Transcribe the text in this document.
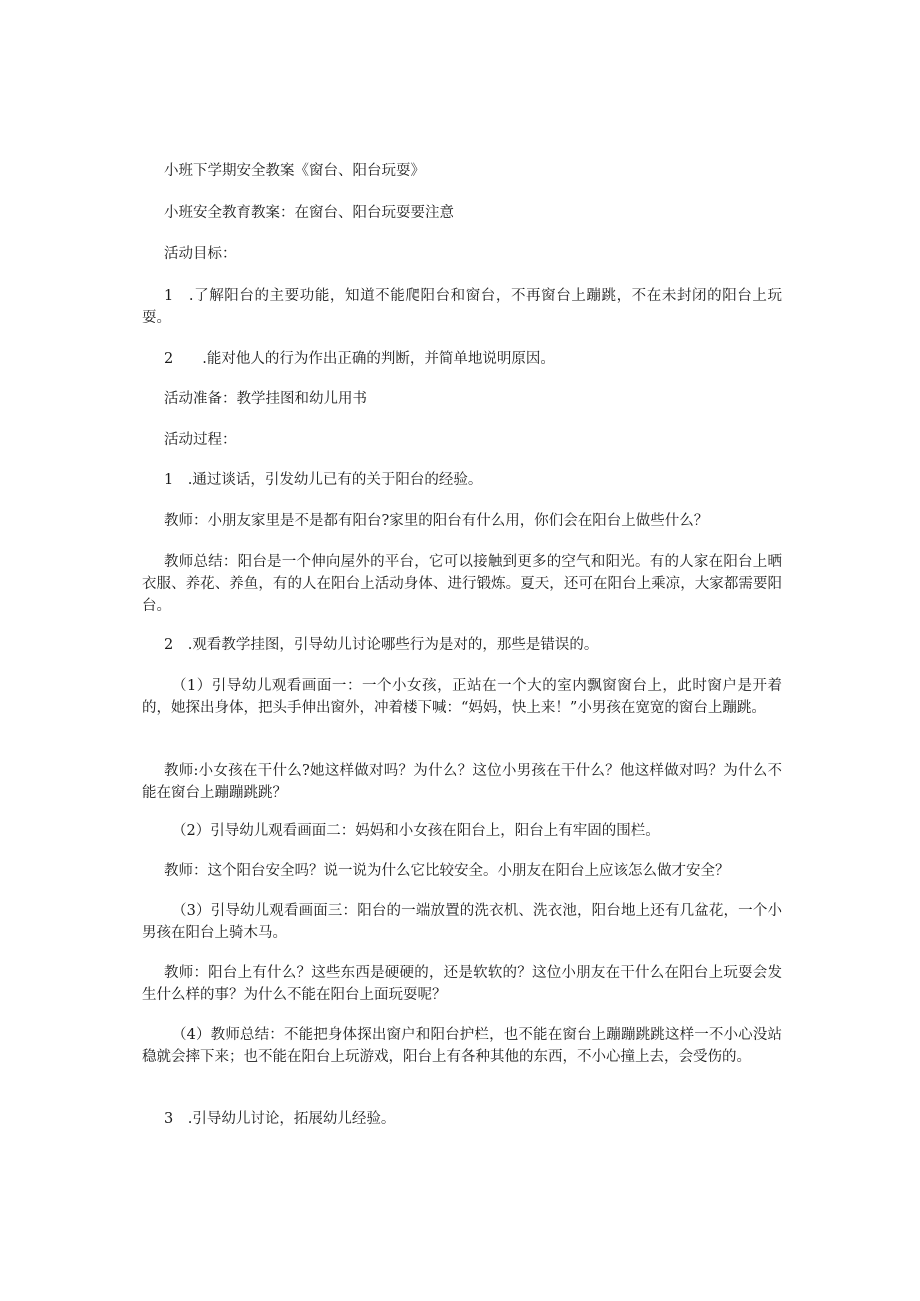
小班下学期安全教案《窗台、阳台玩耍》

小班安全教育教案：在窗台、阳台玩耍要注意

活动目标：

1　.了解阳台的主要功能，知道不能爬阳台和窗台，不再窗台上蹦跳，不在未封闭的阳台上玩耍。

2　　.能对他人的行为作出正确的判断，并简单地说明原因。

活动准备：教学挂图和幼儿用书

活动过程：

1　.通过谈话，引发幼儿已有的关于阳台的经验。

教师：小朋友家里是不是都有阳台?家里的阳台有什么用，你们会在阳台上做些什么？

教师总结：阳台是一个伸向屋外的平台，它可以接触到更多的空气和阳光。有的人家在阳台上晒衣服、养花、养鱼，有的人在阳台上活动身体、进行锻炼。夏天，还可在阳台上乘凉，大家都需要阳台。

2　.观看教学挂图，引导幼儿讨论哪些行为是对的，那些是错误的。

（1）引导幼儿观看画面一：一个小女孩，正站在一个大的室内飘窗窗台上，此时窗户是开着的，她探出身体，把头手伸出窗外，冲着楼下喊：“妈妈，快上来！”小男孩在宽宽的窗台上蹦跳。

教师:小女孩在干什么?她这样做对吗？为什么？这位小男孩在干什么？他这样做对吗？为什么不能在窗台上蹦蹦跳跳？

（2）引导幼儿观看画面二：妈妈和小女孩在阳台上，阳台上有牢固的围栏。

教师：这个阳台安全吗？说一说为什么它比较安全。小朋友在阳台上应该怎么做才安全？

（3）引导幼儿观看画面三：阳台的一端放置的洗衣机、洗衣池，阳台地上还有几盆花，一个小男孩在阳台上骑木马。

教师：阳台上有什么？这些东西是硬硬的，还是软软的？这位小朋友在干什么在阳台上玩耍会发生什么样的事？为什么不能在阳台上面玩耍呢？

（4）教师总结：不能把身体探出窗户和阳台护栏，也不能在窗台上蹦蹦跳跳这样一不小心没站稳就会摔下来；也不能在阳台上玩游戏，阳台上有各种其他的东西，不小心撞上去，会受伤的。

3　.引导幼儿讨论，拓展幼儿经验。
